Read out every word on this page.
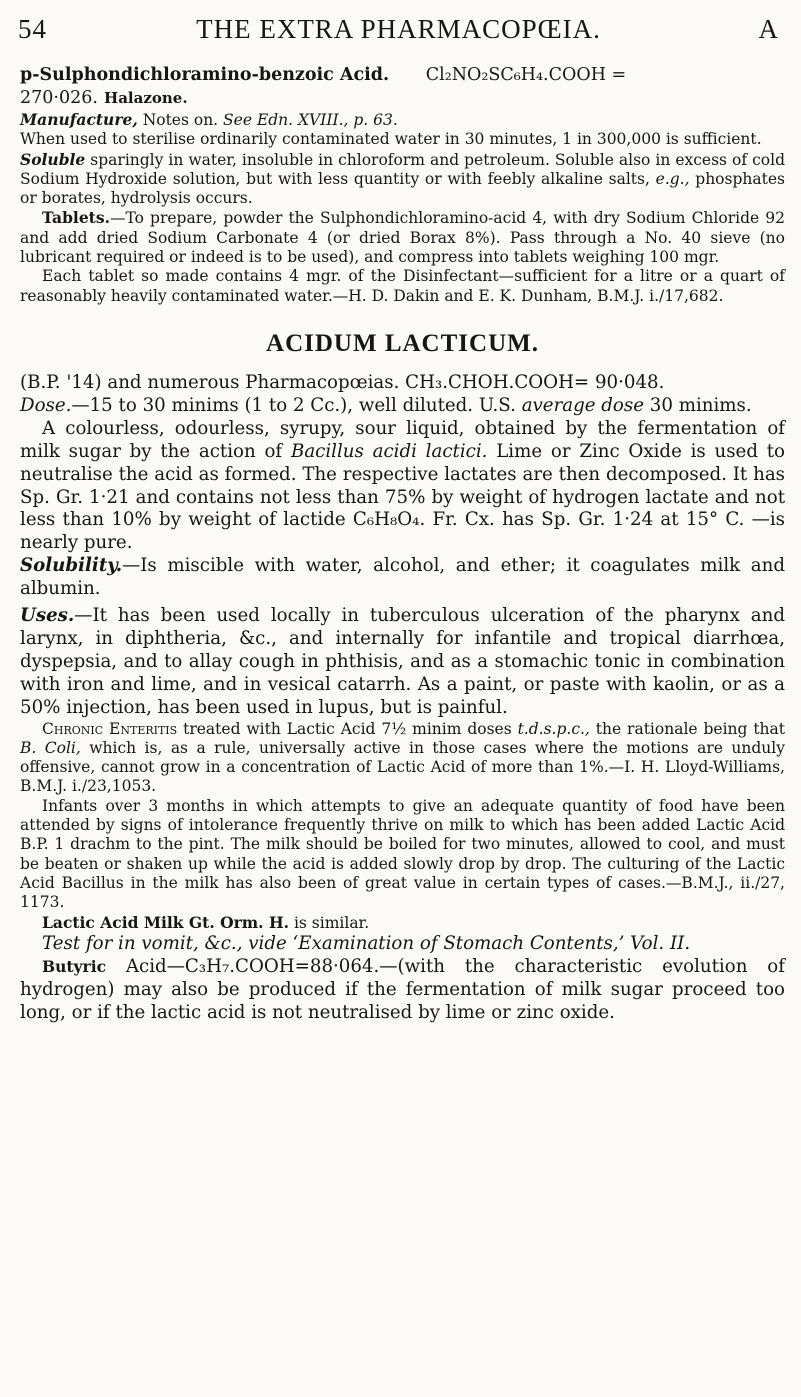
54	THE EXTRA PHARMACOPŒIA.	A

p-Sulphondichloramino-benzoic Acid. Cl₂NO₂SC₆H₄.COOH =

270·026. Halazone.

Manufacture, Notes on. See Edn. XVIII., p. 63.

When used to sterilise ordinarily contaminated water in 30 minutes, 1 in 300,000 is sufficient.

Soluble sparingly in water, insoluble in chloroform and petroleum. Soluble also in excess of cold Sodium Hydroxide solution, but with less quantity or with feebly alkaline salts, e.g., phosphates or borates, hydrolysis occurs.

Tablets.—To prepare, powder the Sulphondichloramino-acid 4, with dry Sodium Chloride 92 and add dried Sodium Carbonate 4 (or dried Borax 8%). Pass through a No. 40 sieve (no lubricant required or indeed is to be used), and compress into tablets weighing 100 mgr.

Each tablet so made contains 4 mgr. of the Disinfectant—sufficient for a litre or a quart of reasonably heavily contaminated water.—H. D. Dakin and E. K. Dunham, B.M.J. i./17,682.

ACIDUM LACTICUM.

(B.P. '14) and numerous Pharmacopœias. CH₃.CHOH.COOH= 90·048.

Dose.—15 to 30 minims (1 to 2 Cc.), well diluted. U.S. average dose 30 minims.

A colourless, odourless, syrupy, sour liquid, obtained by the fermentation of milk sugar by the action of Bacillus acidi lactici. Lime or Zinc Oxide is used to neutralise the acid as formed. The respective lactates are then decomposed. It has Sp. Gr. 1·21 and contains not less than 75% by weight of hydrogen lactate and not less than 10% by weight of lactide C₆H₈O₄. Fr. Cx. has Sp. Gr. 1·24 at 15° C. —is nearly pure.

Solubility.—Is miscible with water, alcohol, and ether; it coagulates milk and albumin.

Uses.—It has been used locally in tuberculous ulceration of the pharynx and larynx, in diphtheria, &c., and internally for infantile and tropical diarrhœa, dyspepsia, and to allay cough in phthisis, and as a stomachic tonic in combination with iron and lime, and in vesical catarrh. As a paint, or paste with kaolin, or as a 50% injection, has been used in lupus, but is painful.

Chronic Enteritis treated with Lactic Acid 7½ minim doses t.d.s.p.c., the rationale being that B. Coli, which is, as a rule, universally active in those cases where the motions are unduly offensive, cannot grow in a concentration of Lactic Acid of more than 1%.—I. H. Lloyd-Williams, B.M.J. i./23,1053.

Infants over 3 months in which attempts to give an adequate quantity of food have been attended by signs of intolerance frequently thrive on milk to which has been added Lactic Acid B.P. 1 drachm to the pint. The milk should be boiled for two minutes, allowed to cool, and must be beaten or shaken up while the acid is added slowly drop by drop. The culturing of the Lactic Acid Bacillus in the milk has also been of great value in certain types of cases.—B.M.J., ii./27, 1173.

Lactic Acid Milk Gt. Orm. H. is similar.

Test for in vomit, &c., vide ‘Examination of Stomach Contents,’ Vol. II.

Butyric Acid—C₃H₇.COOH=88·064.—(with the characteristic evolution of hydrogen) may also be produced if the fermentation of milk sugar proceed too long, or if the lactic acid is not neutralised by lime or zinc oxide.
